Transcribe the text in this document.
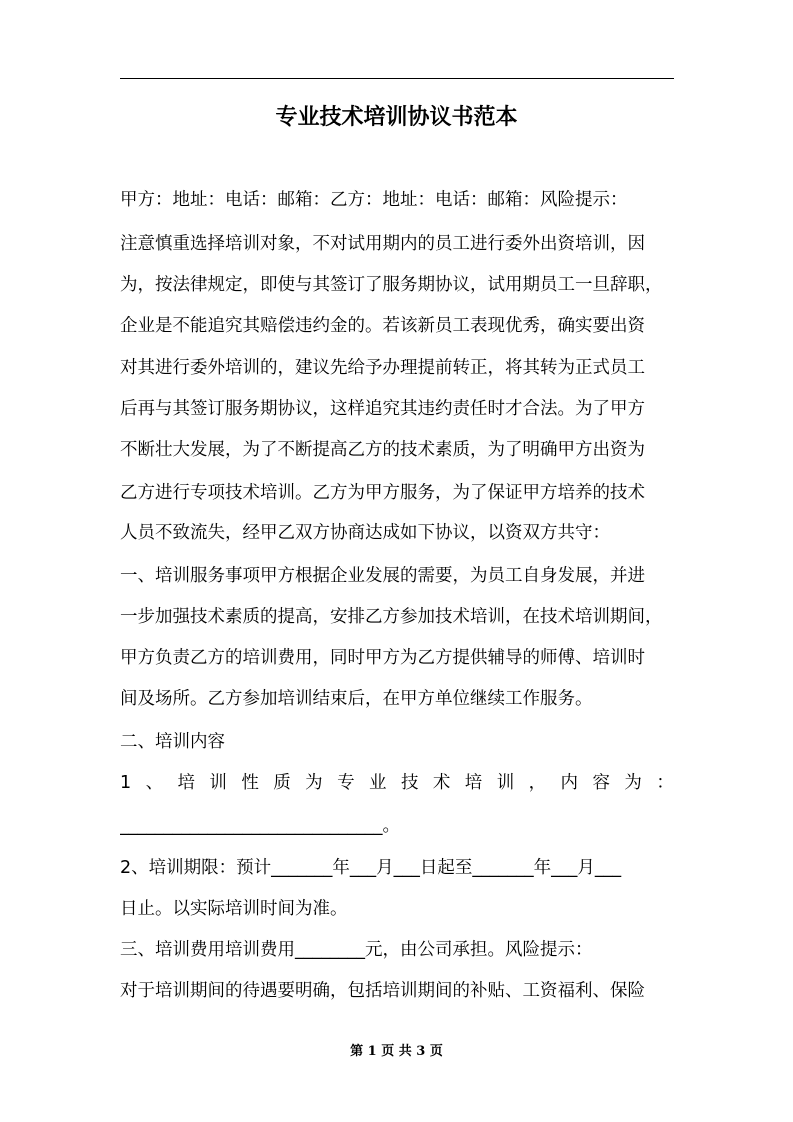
专业技术培训协议书范本
甲方：地址：电话：邮箱：乙方：地址：电话：邮箱：风险提示：
注意慎重选择培训对象，不对试用期内的员工进行委外出资培训，因
为，按法律规定，即使与其签订了服务期协议，试用期员工一旦辞职，
企业是不能追究其赔偿违约金的。若该新员工表现优秀，确实要出资
对其进行委外培训的，建议先给予办理提前转正，将其转为正式员工
后再与其签订服务期协议，这样追究其违约责任时才合法。为了甲方
不断壮大发展，为了不断提高乙方的技术素质，为了明确甲方出资为
乙方进行专项技术培训。乙方为甲方服务，为了保证甲方培养的技术
人员不致流失，经甲乙双方协商达成如下协议，以资双方共守：
一、培训服务事项甲方根据企业发展的需要，为员工自身发展，并进
一步加强技术素质的提高，安排乙方参加技术培训，在技术培训期间，
甲方负责乙方的培训费用，同时甲方为乙方提供辅导的师傅、培训时
间及场所。乙方参加培训结束后，在甲方单位继续工作服务。
二、培训内容
1 、 培 训 性 质 为 专 业 技 术 培 训 ， 内 容 为 ：
______________________________。
2、培训期限：预计_______年___月___日起至_______年___月___
日止。以实际培训时间为准。
三、培训费用培训费用________元，由公司承担。风险提示：
对于培训期间的待遇要明确，包括培训期间的补贴、工资福利、保险
第 1 页 共 3 页
